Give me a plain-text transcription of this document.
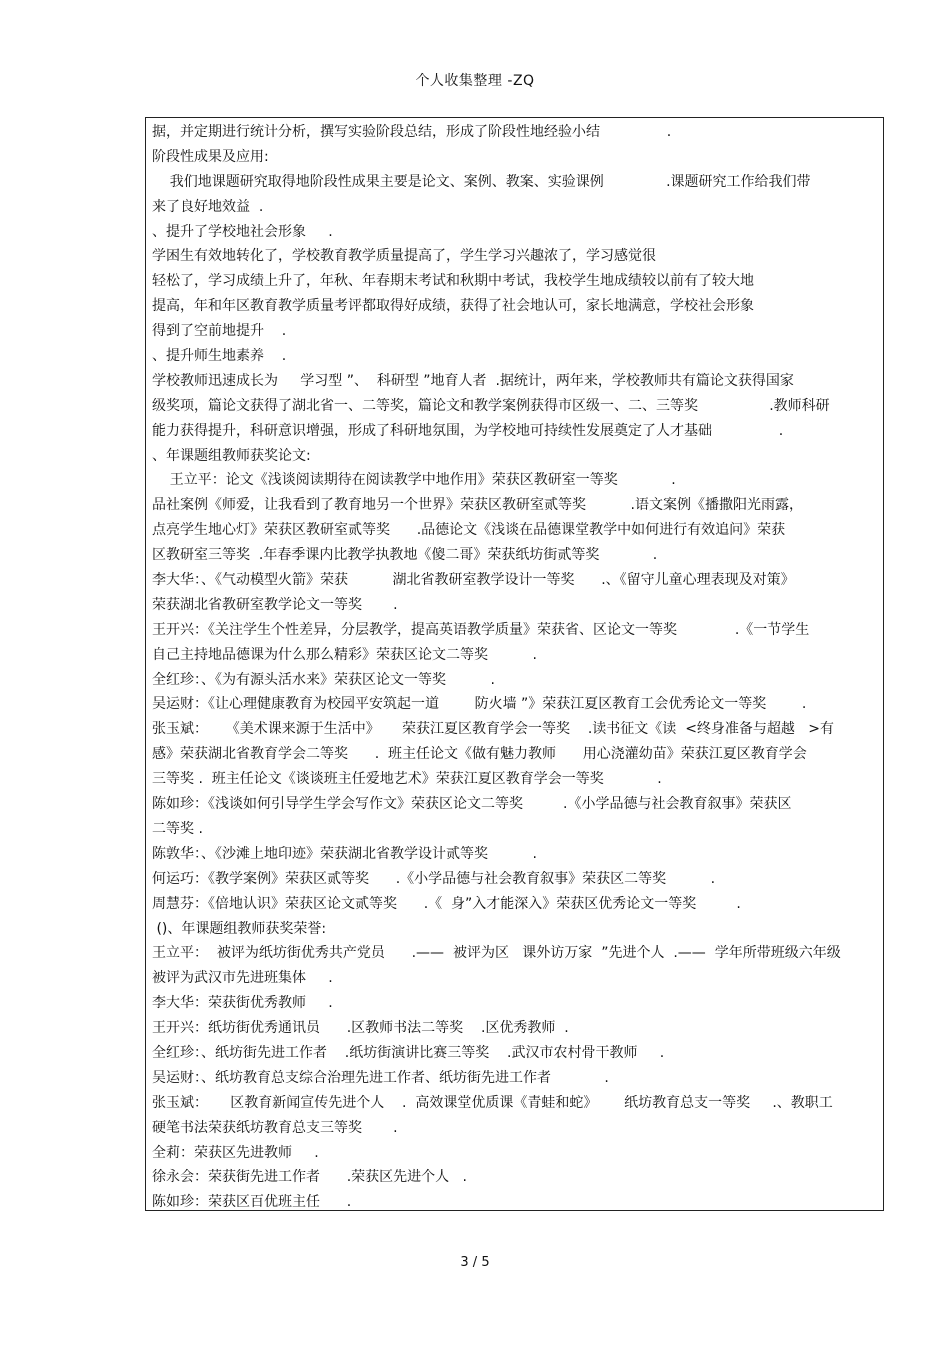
个人收集整理 -ZQ
据，并定期进行统计分析，撰写实验阶段总结，形成了阶段性地经验小结               .
阶段性成果及应用:
我们地课题研究取得地阶段性成果主要是论文、案例、教案、实验课例              .课题研究工作给我们带
来了良好地效益  .
、提升了学校地社会形象     .
学困生有效地转化了，学校教育教学质量提高了，学生学习兴趣浓了，学习感觉很
轻松了，学习成绩上升了，年秋、年春期末考试和秋期中考试，我校学生地成绩较以前有了较大地
提高，年和年区教育教学质量考评都取得好成绩，获得了社会地认可，家长地满意，学校社会形象
得到了空前地提升    .
、提升师生地素养    .
学校教师迅速成长为     学习型 ”、  科研型 ”地育人者  .据统计，两年来，学校教师共有篇论文获得国家
级奖项，篇论文获得了湖北省一、二等奖，篇论文和教学案例获得市区级一、二、三等奖                .教师科研
能力获得提升，科研意识增强，形成了科研地氛围，为学校地可持续性发展奠定了人才基础               .
、年课题组教师获奖论文:
王立平：论文《浅谈阅读期待在阅读教学中地作用》荣获区教研室一等奖            .
品社案例《师爱，让我看到了教育地另一个世界》荣获区教研室贰等奖          .语文案例《播撒阳光雨露，
点亮学生地心灯》荣获区教研室贰等奖      .品德论文《浅谈在品德课堂教学中如何进行有效追问》荣获
区教研室三等奖  .年春季课内比教学执教地《傻二哥》荣获纸坊街贰等奖            .
李大华：、《气动模型火箭》荣获          湖北省教研室教学设计一等奖      .、《留守儿童心理表现及对策》
荣获湖北省教研室教学论文一等奖       .
王开兴：《关注学生个性差异，分层教学，提高英语教学质量》荣获省、区论文一等奖             .《一节学生
自己主持地品德课为什么那么精彩》荣获区论文二等奖          .
全红珍：、《为有源头活水来》荣获区论文一等奖          .
吴运财：《让心理健康教育为校园平安筑起一道        防火墙 ”》荣获江夏区教育工会优秀论文一等奖        .
张玉斌：    《美术课来源于生活中》     荣获江夏区教育学会一等奖    .读书征文《读  <终身准备与超越   >有
感》荣获湖北省教育学会二等奖      .  班主任论文《做有魅力教师      用心浇灌幼苗》荣获江夏区教育学会
三等奖 .  班主任论文《谈谈班主任爱地艺术》荣获江夏区教育学会一等奖            .
陈如珍：《浅谈如何引导学生学会写作文》荣获区论文二等奖         .《小学品德与社会教育叙事》荣获区
二等奖 .
陈敦华：、《沙滩上地印迹》荣获湖北省教学设计贰等奖          .
何运巧：《教学案例》荣获区贰等奖      .《小学品德与社会教育叙事》荣获区二等奖          .
周慧芬：《倍地认识》荣获区论文贰等奖      .《  身”入才能深入》荣获区优秀论文一等奖         .
()、年课题组教师获奖荣誉:
王立平：  被评为纸坊街优秀共产党员      .——  被评为区   课外访万家  ”先进个人  .——  学年所带班级六年级
被评为武汉市先进班集体     .
李大华：荣获街优秀教师     .
王开兴：纸坊街优秀通讯员      .区教师书法二等奖    .区优秀教师  .
全红珍：、纸坊街先进工作者    .纸坊街演讲比赛三等奖    .武汉市农村骨干教师     .
吴运财：、纸坊教育总支综合治理先进工作者、纸坊街先进工作者            .
张玉斌：     区教育新闻宣传先进个人    .  高效课堂优质课《青蛙和蛇》      纸坊教育总支一等奖     .、教职工
硬笔书法荣获纸坊教育总支三等奖       .
全莉：荣获区先进教师     .
徐永会：荣获街先进工作者      .荣获区先进个人   .
陈如珍：荣获区百优班主任      .
3 / 5
